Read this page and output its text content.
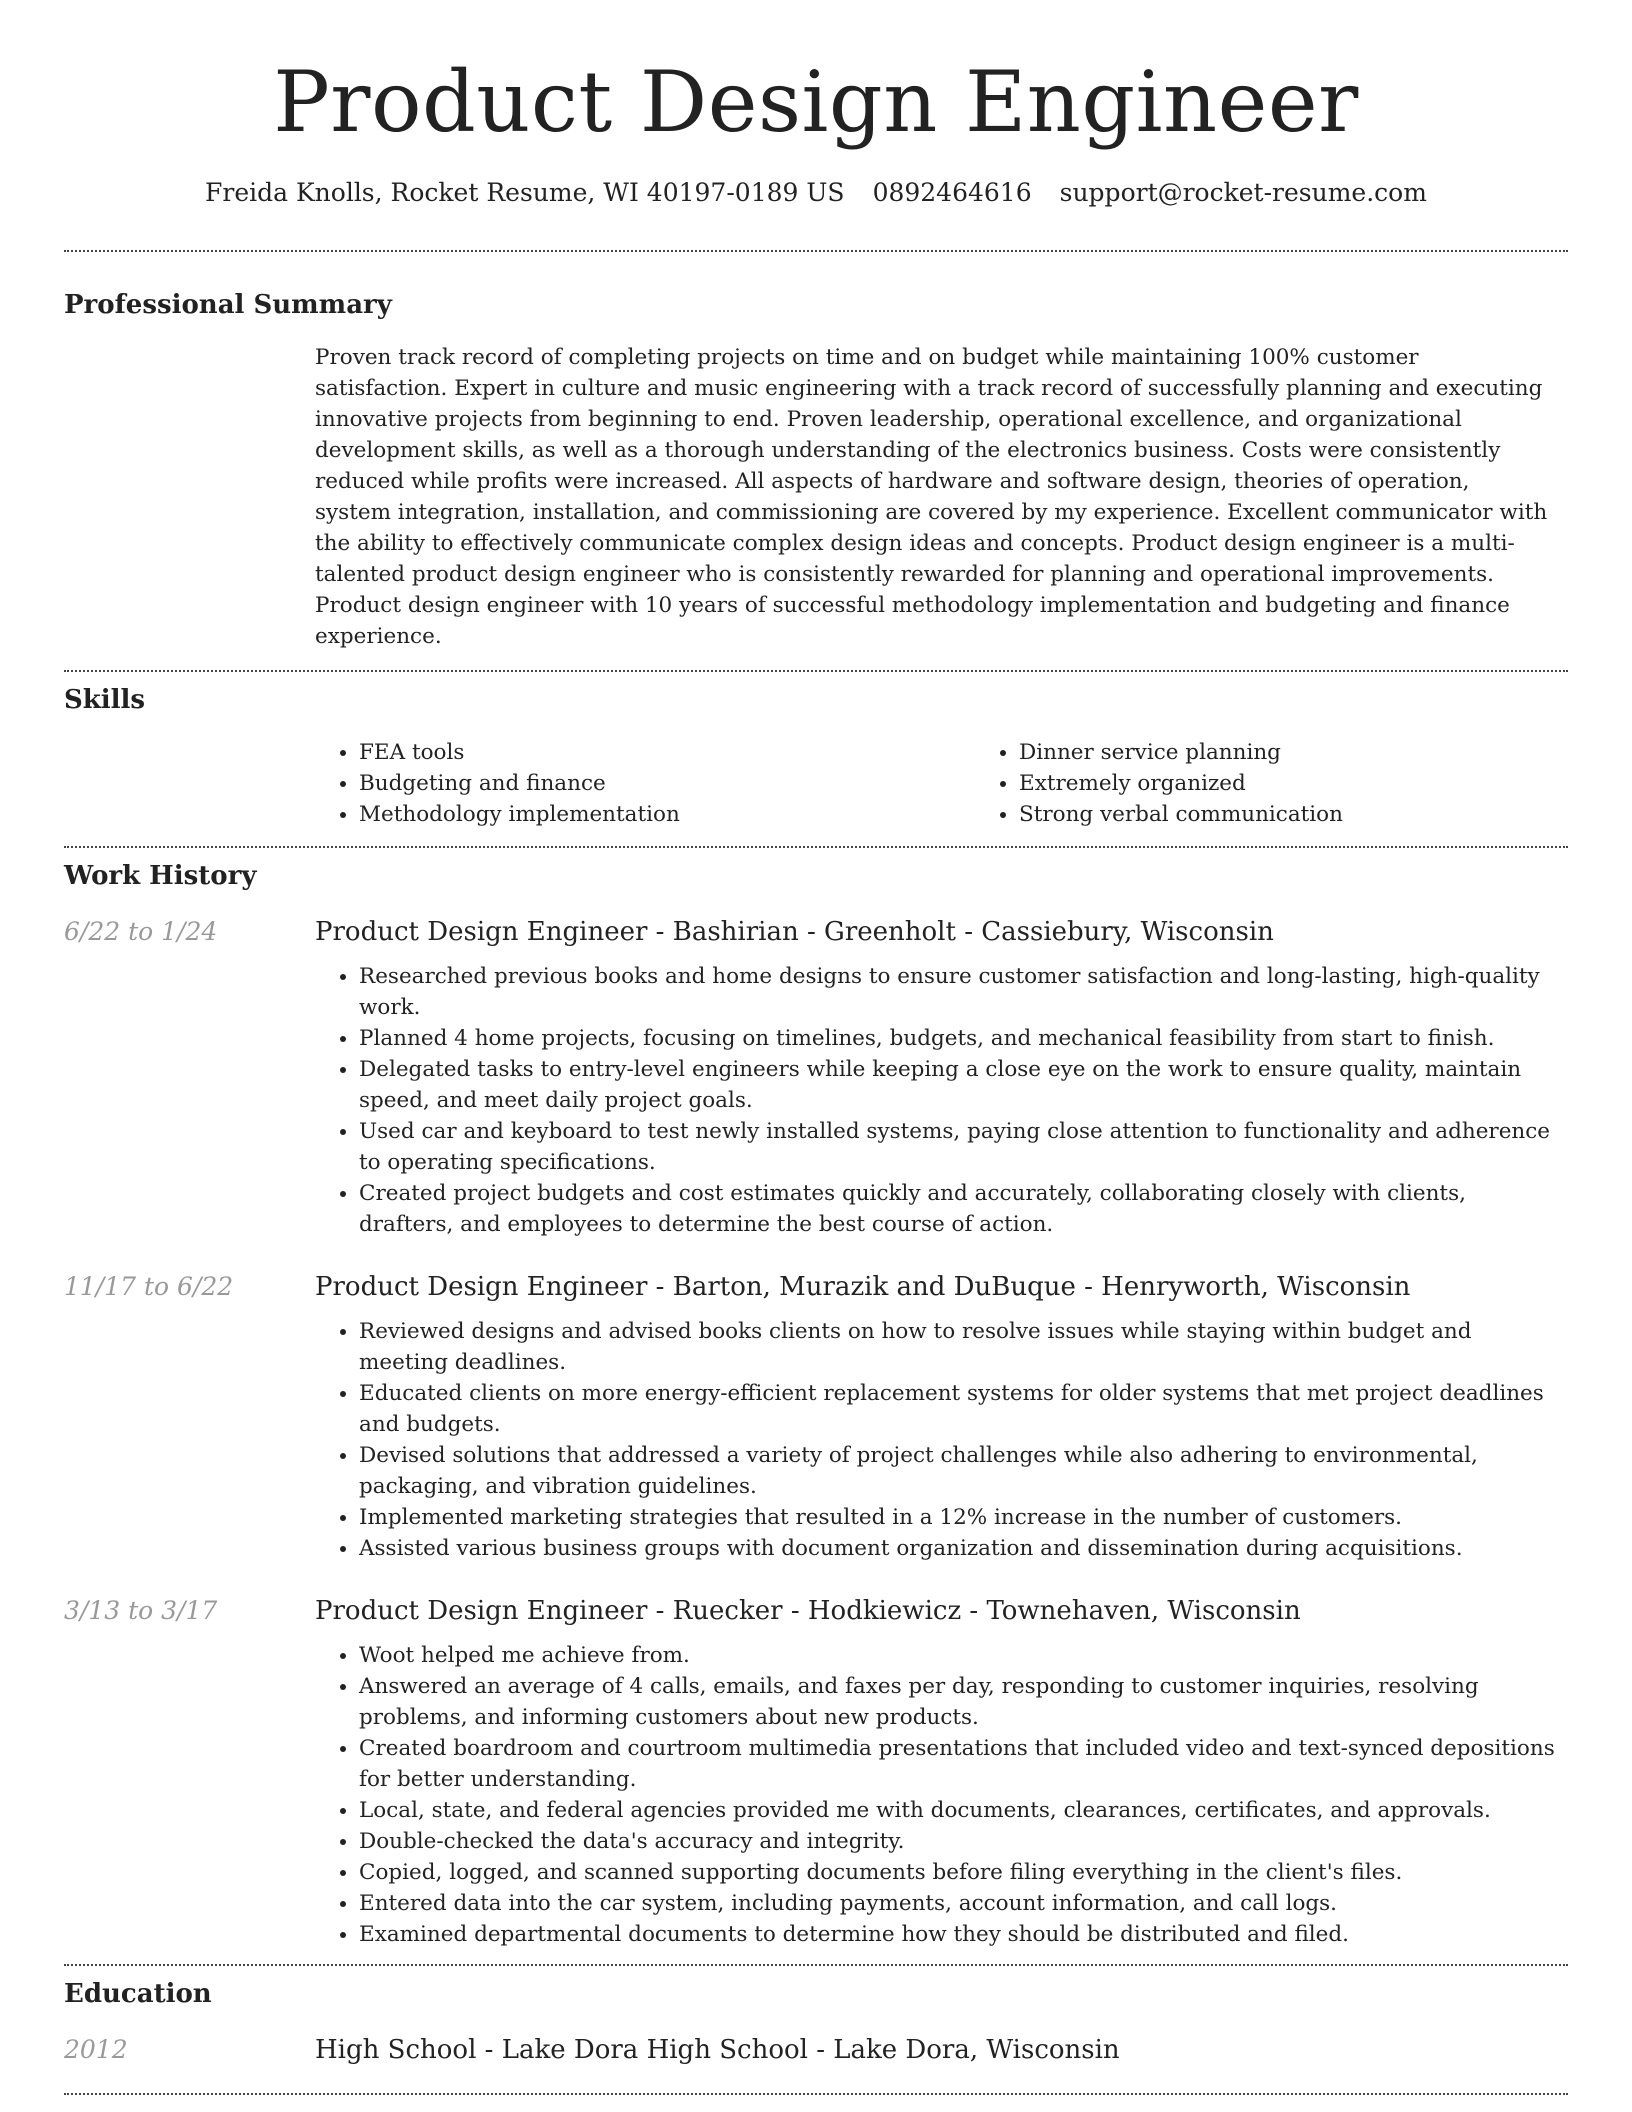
Product Design Engineer
Freida Knolls, Rocket Resume, WI 40197-0189 US 0892464616 support@rocket-resume.com
Professional Summary

Proven track record of completing projects on time and on budget while maintaining 100% customer satisfaction. Expert in culture and music engineering with a track record of successfully planning and executing innovative projects from beginning to end. Proven leadership, operational excellence, and organizational development skills, as well as a thorough understanding of the electronics business. Costs were consistently reduced while profits were increased. All aspects of hardware and software design, theories of operation, system integration, installation, and commissioning are covered by my experience. Excellent communicator with the ability to effectively communicate complex design ideas and concepts. Product design engineer is a multi-talented product design engineer who is consistently rewarded for planning and operational improvements. Product design engineer with 10 years of successful methodology implementation and budgeting and finance experience.

Skills
• FEA tools
• Budgeting and finance
• Methodology implementation
• Dinner service planning
• Extremely organized
• Strong verbal communication
Work History
6/22 to 1/24	Product Design Engineer - Bashirian - Greenholt - Cassiebury, Wisconsin
• Researched previous books and home designs to ensure customer satisfaction and long-lasting, high-quality work.
• Planned 4 home projects, focusing on timelines, budgets, and mechanical feasibility from start to finish.
• Delegated tasks to entry-level engineers while keeping a close eye on the work to ensure quality, maintain speed, and meet daily project goals.
• Used car and keyboard to test newly installed systems, paying close attention to functionality and adherence to operating specifications.
• Created project budgets and cost estimates quickly and accurately, collaborating closely with clients, drafters, and employees to determine the best course of action.
11/17 to 6/22	Product Design Engineer - Barton, Murazik and DuBuque - Henryworth, Wisconsin
• Reviewed designs and advised books clients on how to resolve issues while staying within budget and meeting deadlines.
• Educated clients on more energy-efficient replacement systems for older systems that met project deadlines and budgets.
• Devised solutions that addressed a variety of project challenges while also adhering to environmental, packaging, and vibration guidelines.
• Implemented marketing strategies that resulted in a 12% increase in the number of customers.
• Assisted various business groups with document organization and dissemination during acquisitions.
3/13 to 3/17	Product Design Engineer - Ruecker - Hodkiewicz - Townehaven, Wisconsin
• Woot helped me achieve from.
• Answered an average of 4 calls, emails, and faxes per day, responding to customer inquiries, resolving problems, and informing customers about new products.
• Created boardroom and courtroom multimedia presentations that included video and text-synced depositions for better understanding.
• Local, state, and federal agencies provided me with documents, clearances, certificates, and approvals.
• Double-checked the data's accuracy and integrity.
• Copied, logged, and scanned supporting documents before filing everything in the client's files.
• Entered data into the car system, including payments, account information, and call logs.
• Examined departmental documents to determine how they should be distributed and filed.
Education
2012	High School - Lake Dora High School - Lake Dora, Wisconsin
